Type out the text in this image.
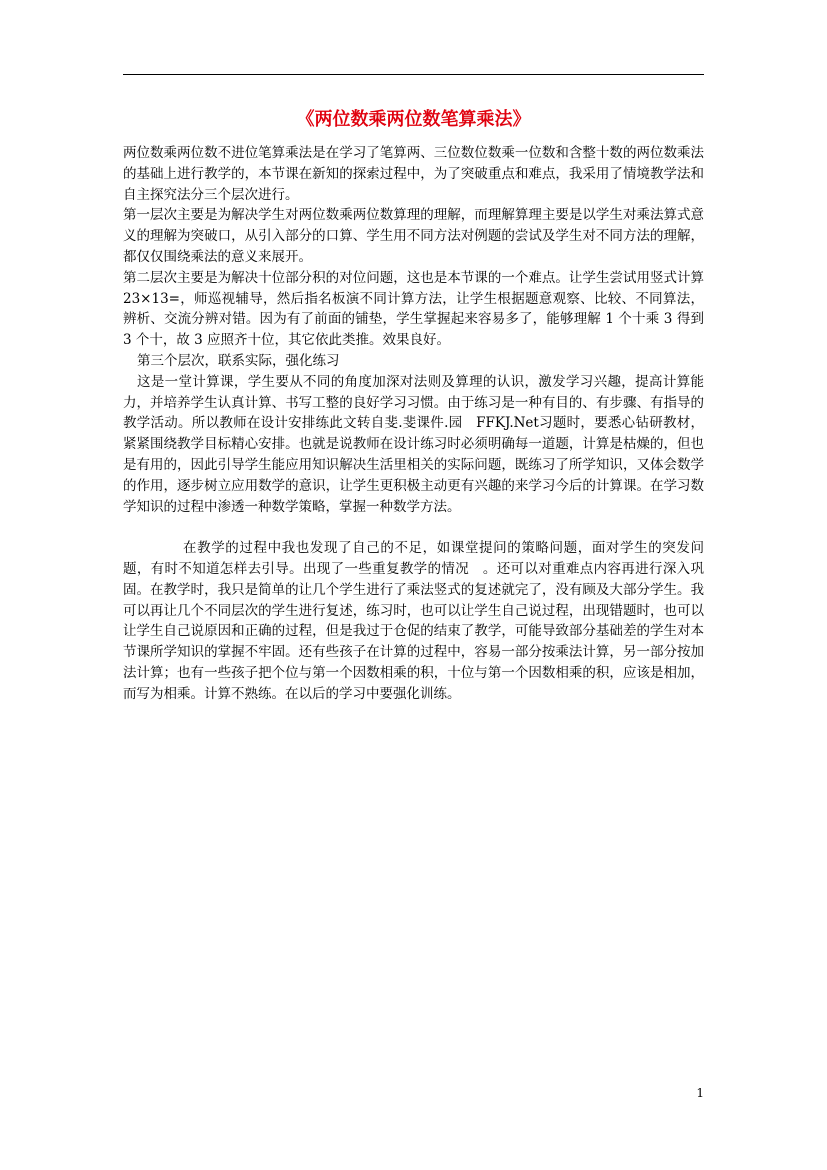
《两位数乘两位数笔算乘法》

两位数乘两位数不进位笔算乘法是在学习了笔算两、三位数位数乘一位数和含整十数的两位数乘法的基础上进行教学的，本节课在新知的探索过程中，为了突破重点和难点，我采用了情境教学法和自主探究法分三个层次进行。

第一层次主要是为解决学生对两位数乘两位数算理的理解，而理解算理主要是以学生对乘法算式意义的理解为突破口，从引入部分的口算、学生用不同方法对例题的尝试及学生对不同方法的理解，都仅仅围绕乘法的意义来展开。

第二层次主要是为解决十位部分积的对位问题，这也是本节课的一个难点。让学生尝试用竖式计算 23×13=，师巡视辅导，然后指名板演不同计算方法，让学生根据题意观察、比较、不同算法，辨析、交流分辨对错。因为有了前面的铺垫，学生掌握起来容易多了，能够理解 1 个十乘 3 得到 3 个十，故 3 应照齐十位，其它依此类推。效果良好。

第三个层次，联系实际，强化练习

这是一堂计算课，学生要从不同的角度加深对法则及算理的认识，激发学习兴趣，提高计算能力，并培养学生认真计算、书写工整的良好学习习惯。由于练习是一种有目的、有步骤、有指导的教学活动。所以教师在设计安排练此文转自斐.斐课件.园　FFKJ.Net习题时，要悉心钻研教材，紧紧围绕教学目标精心安排。也就是说教师在设计练习时必须明确每一道题，计算是枯燥的，但也是有用的，因此引导学生能应用知识解决生活里相关的实际问题，既练习了所学知识，又体会数学的作用，逐步树立应用数学的意识，让学生更积极主动更有兴趣的来学习今后的计算课。在学习数学知识的过程中渗透一种数学策略，掌握一种数学方法。

在教学的过程中我也发现了自己的不足，如课堂提问的策略问题，面对学生的突发问题，有时不知道怎样去引导。出现了一些重复教学的情况　。还可以对重难点内容再进行深入巩固。在教学时，我只是简单的让几个学生进行了乘法竖式的复述就完了，没有顾及大部分学生。我可以再让几个不同层次的学生进行复述，练习时，也可以让学生自己说过程，出现错题时，也可以让学生自己说原因和正确的过程，但是我过于仓促的结束了教学，可能导致部分基础差的学生对本节课所学知识的掌握不牢固。还有些孩子在计算的过程中，容易一部分按乘法计算，另一部分按加法计算；也有一些孩子把个位与第一个因数相乘的积，十位与第一个因数相乘的积，应该是相加，而写为相乘。计算不熟练。在以后的学习中要强化训练。

1
